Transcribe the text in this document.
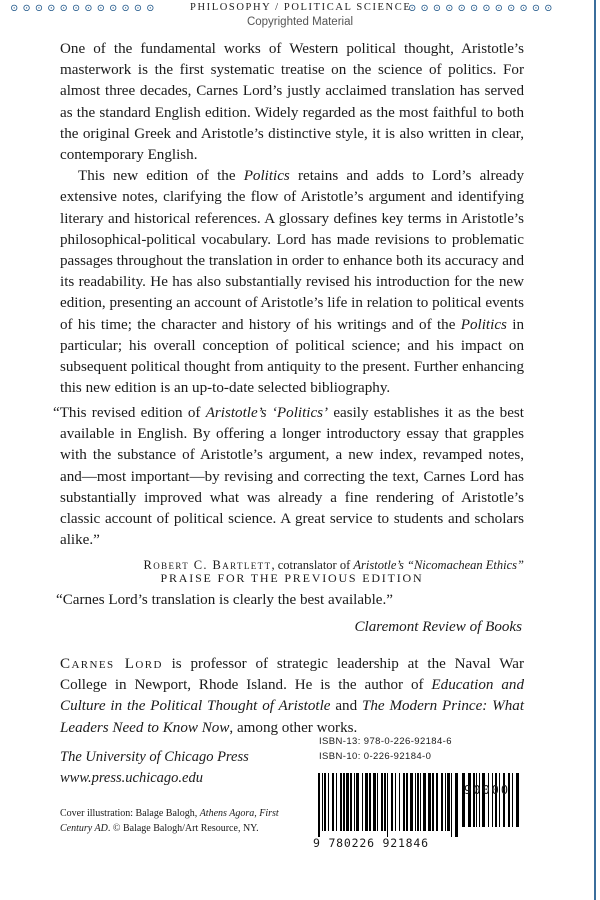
⊙⊙⊙⊙⊙⊙⊙⊙⊙⊙⊙⊙	PHILOSOPHY / POLITICAL SCIENCE
⊙⊙⊙⊙⊙⊙⊙⊙⊙⊙⊙⊙
Copyrighted Material

One of the fundamental works of Western political thought, Aristotle’s masterwork is the first systematic treatise on the science of politics. For almost three decades, Carnes Lord’s justly acclaimed translation has served as the standard English edition. Widely regarded as the most faithful to both the original Greek and Aristotle’s distinctive style, it is also written in clear, contemporary English.

This new edition of the Politics retains and adds to Lord’s already extensive notes, clarifying the flow of Aristotle’s argument and identifying literary and historical references. A glossary defines key terms in Aristotle’s philosophical-political vocabulary. Lord has made revisions to problematic passages throughout the translation in order to enhance both its accuracy and its readability. He has also substantially revised his introduction for the new edition, presenting an account of Aristotle’s life in relation to political events of his time; the character and history of his writings and of the Politics in particular; his overall conception of political science; and his impact on subsequent political thought from antiquity to the present. Further enhancing this new edition is an up-to-date selected bibliography.

“This revised edition of Aristotle’s ‘Politics’ easily establishes it as the best available in English. By offering a longer introductory essay that grapples with the substance of Aristotle’s argument, a new index, revamped notes, and—most important—by revising and correcting the text, Carnes Lord has substantially improved what was already a fine rendering of Aristotle’s classic account of political science. A great service to students and scholars alike.”

Robert C. Bartlett, cotranslator of Aristotle’s “Nicomachean Ethics”
PRAISE FOR THE PREVIOUS EDITION
“Carnes Lord’s translation is clearly the best available.”
Claremont Review of Books

Carnes Lord is professor of strategic leadership at the Naval War College in Newport, Rhode Island. He is the author of Education and Culture in the Political Thought of Aristotle and The Modern Prince: What Leaders Need to Know Now, among other works.

The University of Chicago Press
www.press.uchicago.edu
Cover illustration: Balage Balogh, Athens Agora, First Century AD. © Balage Balogh/Art Resource, NY.
ISBN-13: 978-0-226-92184-6
ISBN-10: 0-226-92184-0
9 780226 921846
90000
